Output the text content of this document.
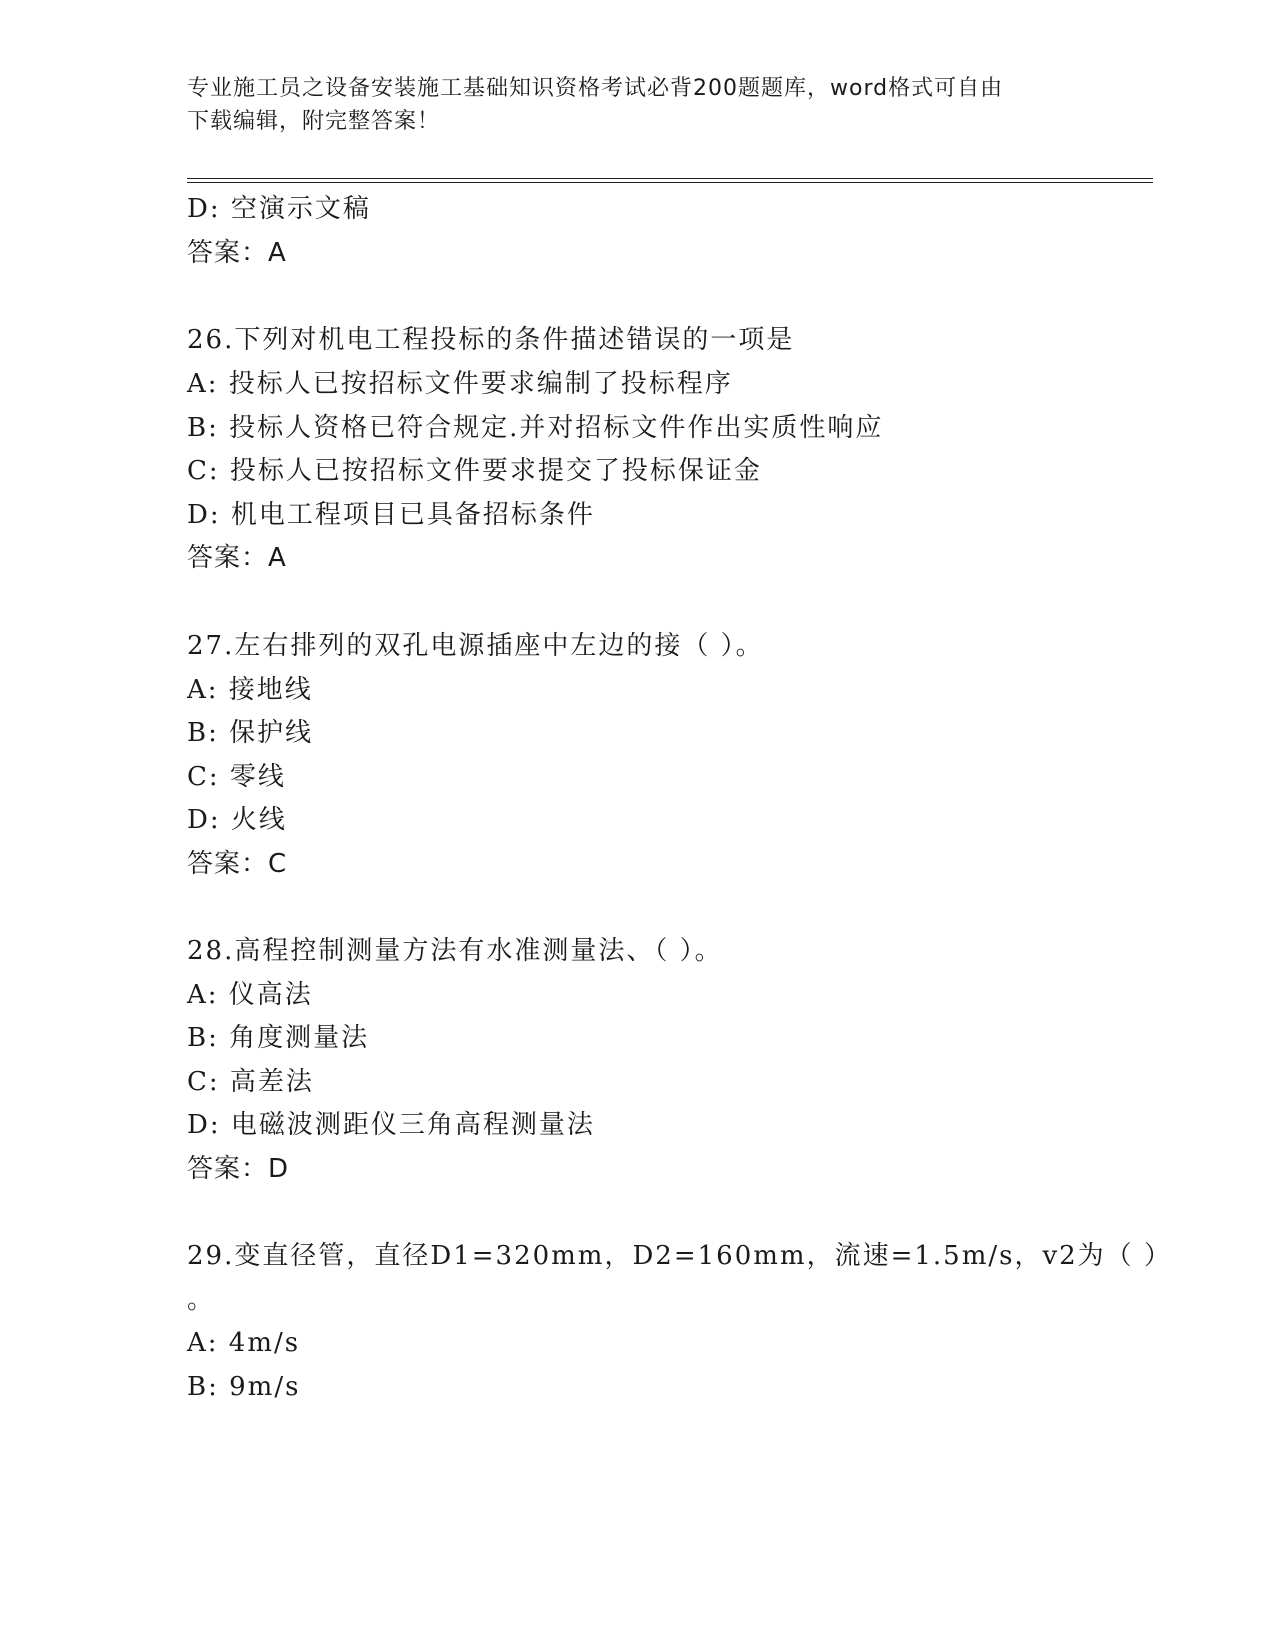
专业施工员之设备安装施工基础知识资格考试必背200题题库，word格式可自由
下载编辑，附完整答案！
D: 空演示文稿
答案：A
26.下列对机电工程投标的条件描述错误的一项是
A: 投标人已按招标文件要求编制了投标程序
B: 投标人资格已符合规定.并对招标文件作出实质性响应
C: 投标人已按招标文件要求提交了投标保证金
D: 机电工程项目已具备招标条件
答案：A
27.左右排列的双孔电源插座中左边的接（ ）。
A: 接地线
B: 保护线
C: 零线
D: 火线
答案：C
28.高程控制测量方法有水准测量法、（ ）。
A: 仪高法
B: 角度测量法
C: 高差法
D: 电磁波测距仪三角高程测量法
答案：D
29.变直径管，直径D1=320mm，D2=160mm，流速=1.5m/s，v2为（ ）
。
A: 4m/s
B: 9m/s
